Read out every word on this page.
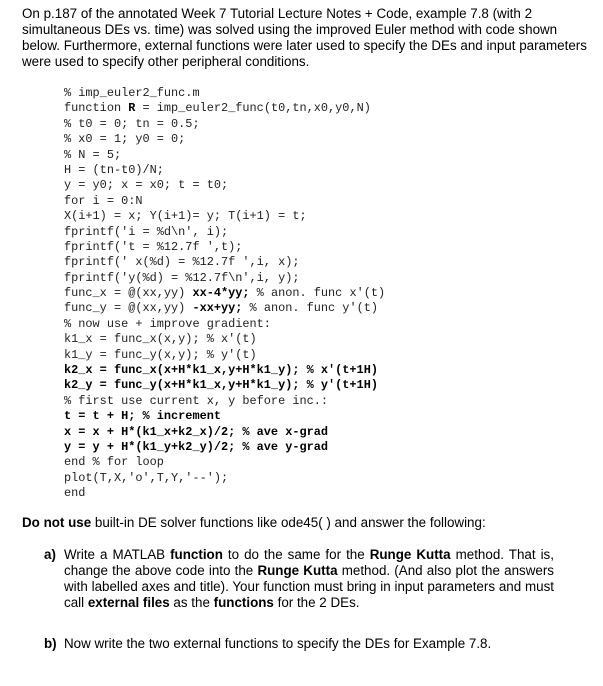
On p.187 of the annotated Week 7 Tutorial Lecture Notes + Code, example 7.8 (with 2 simultaneous DEs vs. time) was solved using the improved Euler method with code shown below. Furthermore, external functions were later used to specify the DEs and input parameters were used to specify other peripheral conditions.
% imp_euler2_func.m
function R = imp_euler2_func(t0,tn,x0,y0,N)
% t0 = 0; tn = 0.5;
% x0 = 1; y0 = 0;
% N = 5;
H = (tn-t0)/N;
y = y0; x = x0; t = t0;
for i = 0:N
X(i+1) = x; Y(i+1)= y; T(i+1) = t;
fprintf('i = %d\n', i);
fprintf('t = %12.7f ',t);
fprintf(' x(%d) = %12.7f ',i, x);
fprintf('y(%d) = %12.7f\n',i, y);
func_x = @(xx,yy) xx-4*yy; % anon. func x'(t)
func_y = @(xx,yy) -xx+yy; % anon. func y'(t)
% now use + improve gradient:
k1_x = func_x(x,y); % x'(t)
k1_y = func_y(x,y); % y'(t)
k2_x = func_x(x+H*k1_x,y+H*k1_y); % x'(t+1H)
k2_y = func_y(x+H*k1_x,y+H*k1_y); % y'(t+1H)
% first use current x, y before inc.:
t = t + H; % increment
x = x + H*(k1_x+k2_x)/2; % ave x-grad
y = y + H*(k1_y+k2_y)/2; % ave y-grad
end % for loop
plot(T,X,'o',T,Y,'--');
end
Do not use built-in DE solver functions like ode45( ) and answer the following:
a) Write a MATLAB function to do the same for the Runge Kutta method. That is, change the above code into the Runge Kutta method. (And also plot the answers with labelled axes and title). Your function must bring in input parameters and must call external files as the functions for the 2 DEs.
b) Now write the two external functions to specify the DEs for Example 7.8.
